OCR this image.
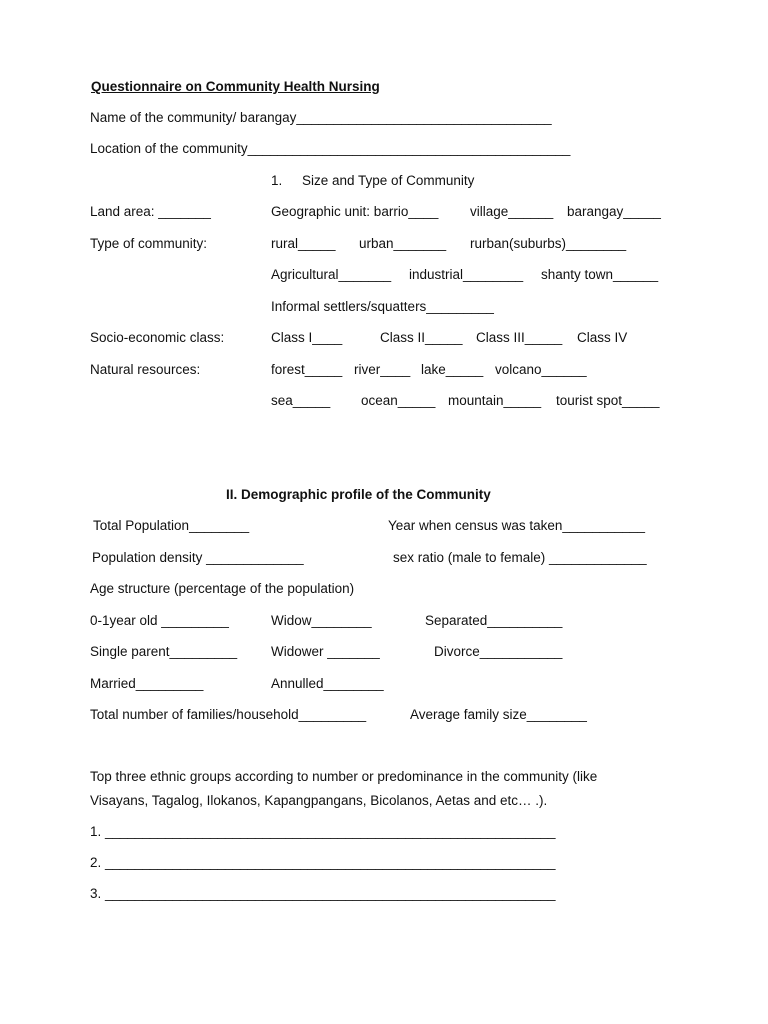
Questionnaire on Community Health Nursing
Name of the community/ barangay__________________________________
Location of the community___________________________________________
1. Size and Type of Community
Land area: _______	Geographic unit: barrio____ village______ barangay_____
Type of community:	rural_____ urban_______ rurban(suburbs)________
Agricultural_______ industrial________ shanty town______
Informal settlers/squatters_________
Socio-economic class:	Class I____	Class II_____ Class III_____ Class IV
Natural resources:	forest_____ river____ lake_____ volcano______
sea_____ ocean_____ mountain_____ tourist spot_____
II. Demographic profile of the Community
Total Population________	Year when census was taken___________
Population density _____________	sex ratio (male to female) _____________
Age structure (percentage of the population)
0-1year old _________	Widow________	Separated__________
Single parent_________	Widower _______	Divorce___________
Married_________	Annulled________
Total number of families/household_________	Average family size________
Top three ethnic groups according to number or predominance in the community (like
Visayans, Tagalog, Ilokanos, Kapangpangans, Bicolanos, Aetas and etc… .).
1. ____________________________________________________________
2. ____________________________________________________________
3. ____________________________________________________________
